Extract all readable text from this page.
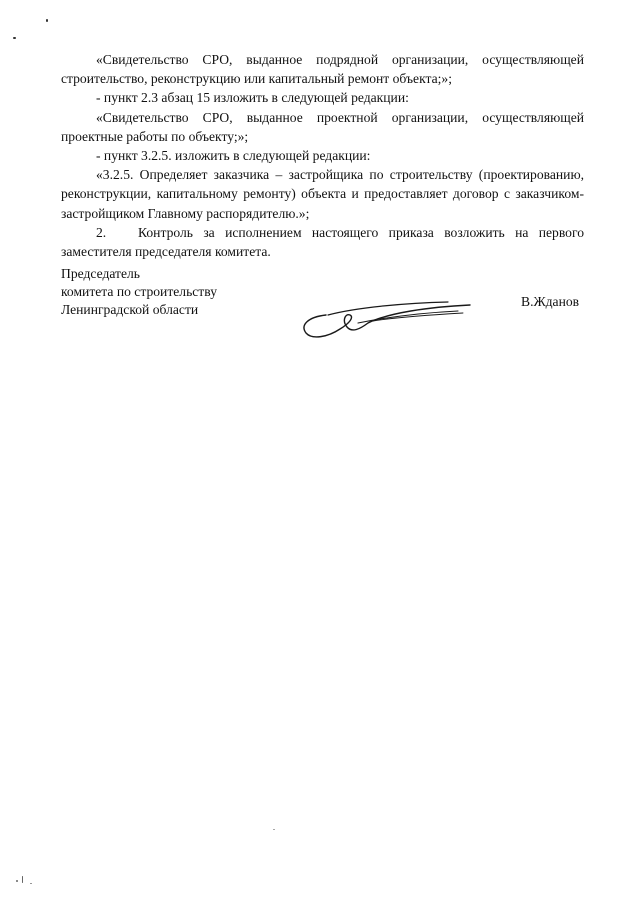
«Свидетельство СРО, выданное подрядной организации, осуществляющей строительство, реконструкцию или капитальный ремонт объекта;»;

- пункт 2.3 абзац 15 изложить в следующей редакции:

«Свидетельство СРО, выданное проектной организации, осуществляющей проектные работы по объекту;»;

- пункт 3.2.5. изложить в следующей редакции:

«3.2.5. Определяет заказчика – застройщика по строительству (проектированию, реконструкции, капитальному ремонту) объекта и предоставляет договор с заказчиком-застройщиком Главному распорядителю.»;

2. Контроль за исполнением настоящего приказа возложить на первого заместителя председателя комитета.

Председатель
комитета по строительству
Ленинградской области
В.Жданов
